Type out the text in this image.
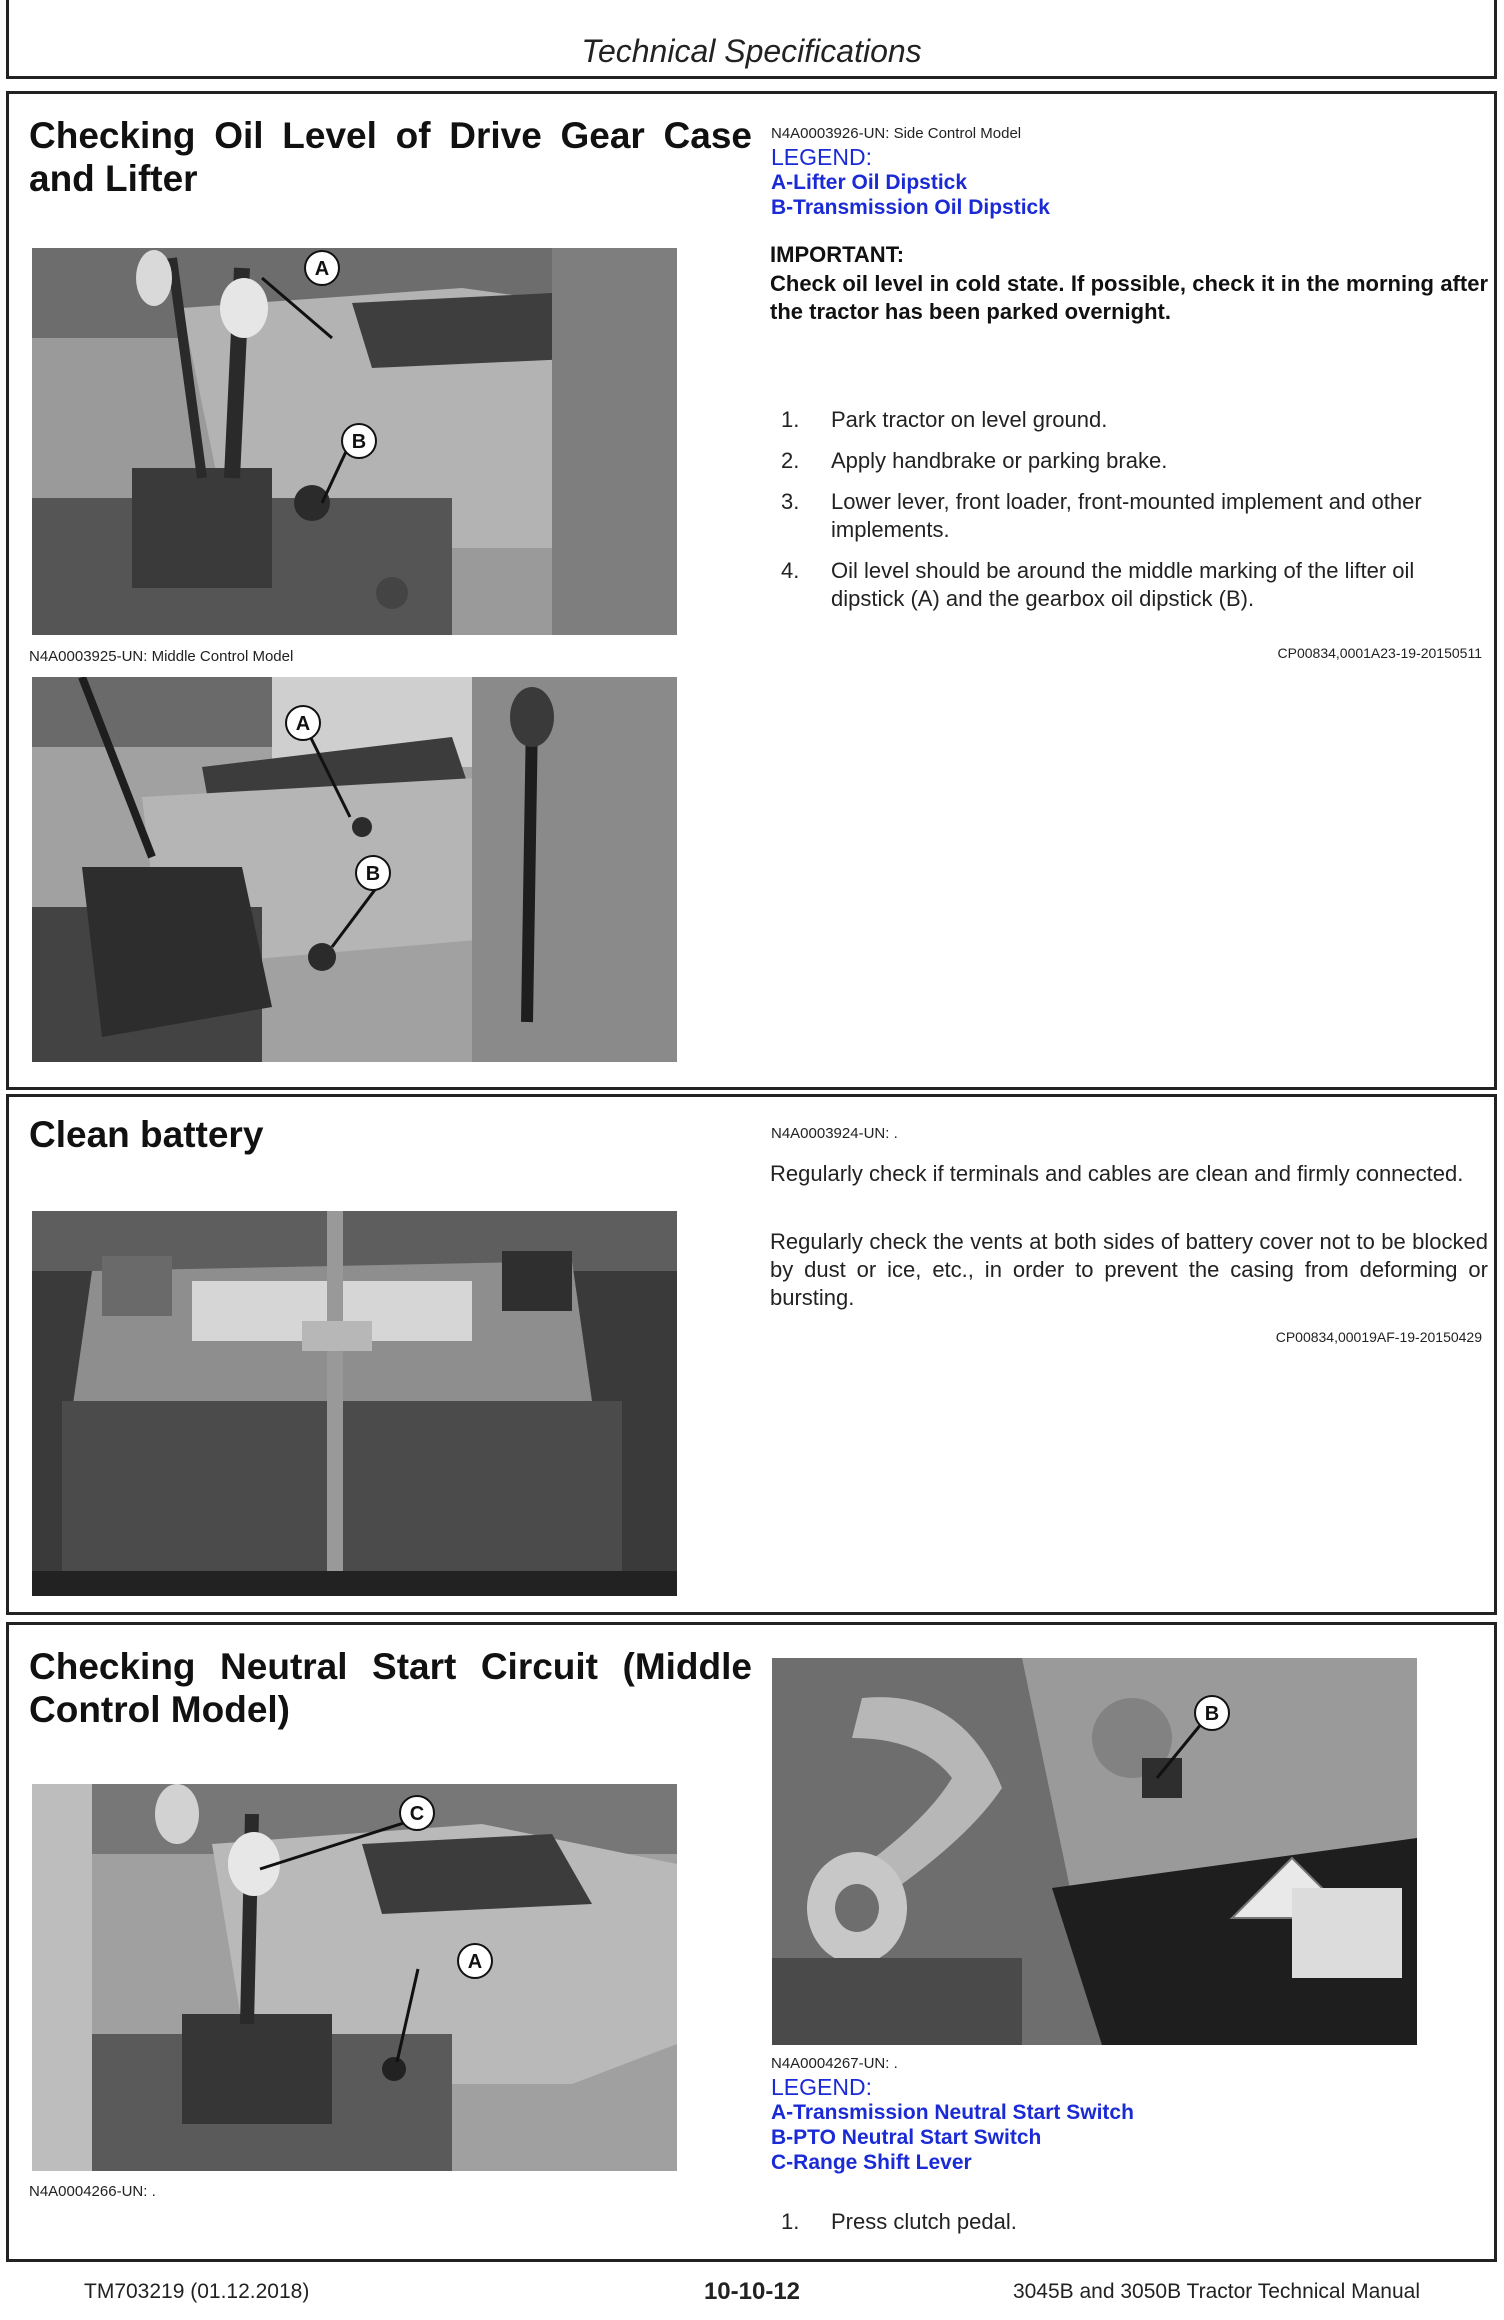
Technical Specifications
Checking Oil Level of Drive Gear Case and Lifter
A
B
N4A0003925-UN: Middle Control Model
A
B
N4A0003926-UN: Side Control Model
LEGEND:
A-Lifter Oil Dipstick
B-Transmission Oil Dipstick
IMPORTANT:
Check oil level in cold state. If possible, check it in the morning after the tractor has been parked overnight.
1.	Park tractor on level ground.
2.	Apply handbrake or parking brake.
3.	Lower lever, front loader, front-mounted implement and other implements.
4.	Oil level should be around the middle marking of the lifter oil dipstick (A) and the gearbox oil dipstick (B).
CP00834,0001A23-19-20150511
Clean battery	N4A0003924-UN: .
Regularly check if terminals and cables are clean and firmly connected.
Regularly check the vents at both sides of battery cover not to be blocked by dust or ice, etc., in order to prevent the casing from deforming or bursting.
CP00834,00019AF-19-20150429
Checking Neutral Start Circuit (Middle Control Model)
C
A
N4A0004266-UN: .
B
N4A0004267-UN: .
LEGEND:
A-Transmission Neutral Start Switch
B-PTO Neutral Start Switch
C-Range Shift Lever
1.	Press clutch pedal.
TM703219 (01.12.2018)	10-10-12	3045B and 3050B Tractor Technical Manual
